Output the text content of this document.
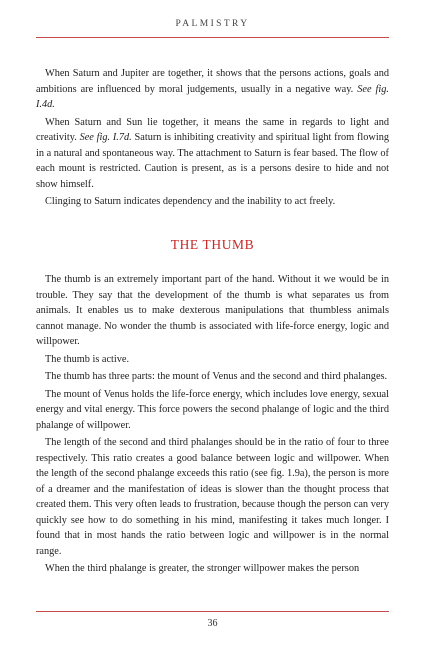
PALMISTRY

When Saturn and Jupiter are together, it shows that the persons actions, goals and ambitions are influenced by moral judgements, usually in a negative way. See fig. I.4d.

When Saturn and Sun lie together, it means the same in regards to light and creativity. See fig. I.7d. Saturn is inhibiting creativity and spiritual light from flowing in a natural and spontaneous way. The attachment to Saturn is fear based. The flow of each mount is restricted. Caution is present, as is a persons desire to hide and not show himself.

Clinging to Saturn indicates dependency and the inability to act freely.

THE THUMB

The thumb is an extremely important part of the hand. Without it we would be in trouble. They say that the development of the thumb is what separates us from animals. It enables us to make dexterous manipulations that thumbless animals cannot manage. No wonder the thumb is associated with life-force energy, logic and willpower.

The thumb is active.

The thumb has three parts: the mount of Venus and the second and third phalanges.

The mount of Venus holds the life-force energy, which includes love energy, sexual energy and vital energy. This force powers the second phalange of logic and the third phalange of willpower.

The length of the second and third phalanges should be in the ratio of four to three respectively. This ratio creates a good balance between logic and willpower. When the length of the second phalange exceeds this ratio (see fig. 1.9a), the person is more of a dreamer and the manifestation of ideas is slower than the thought process that created them. This very often leads to frustration, because though the person can very quickly see how to do something in his mind, manifesting it takes much longer. I found that in most hands the ratio between logic and willpower is in the normal range.

When the third phalange is greater, the stronger willpower makes the person

36
